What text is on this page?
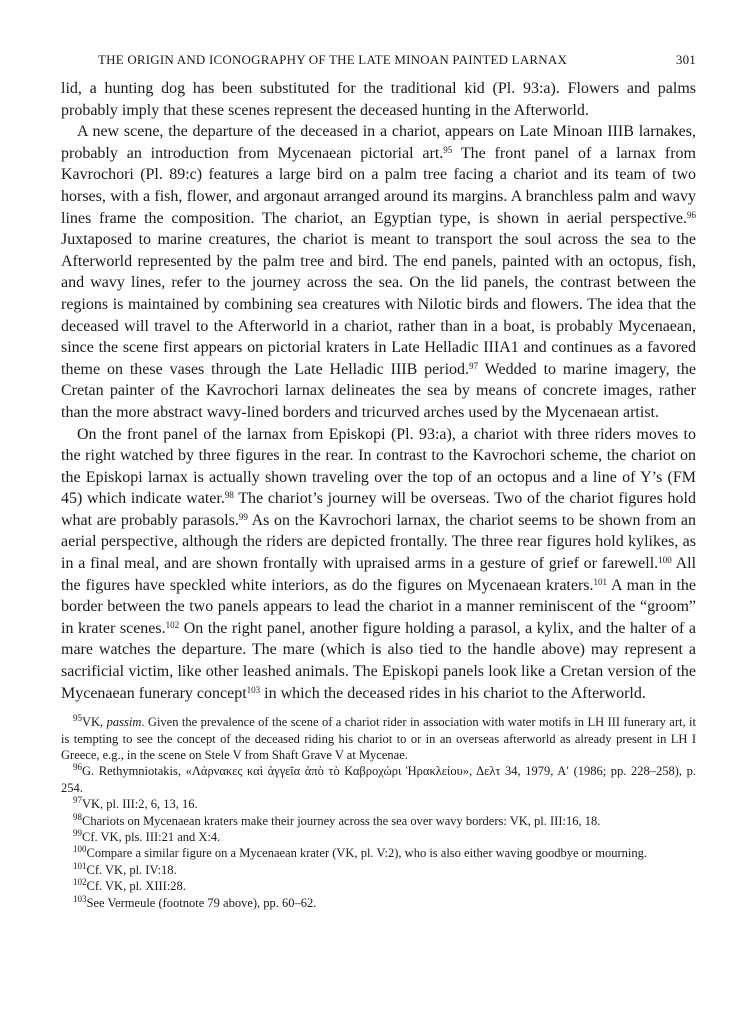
THE ORIGIN AND ICONOGRAPHY OF THE LATE MINOAN PAINTED LARNAX	301

lid, a hunting dog has been substituted for the traditional kid (Pl. 93:a). Flowers and palms probably imply that these scenes represent the deceased hunting in the Afterworld.

A new scene, the departure of the deceased in a chariot, appears on Late Minoan IIIB larnakes, probably an introduction from Mycenaean pictorial art.$^{95}$ The front panel of a larnax from Kavrochori (Pl. 89:c) features a large bird on a palm tree facing a chariot and its team of two horses, with a fish, flower, and argonaut arranged around its margins. A branchless palm and wavy lines frame the composition. The chariot, an Egyptian type, is shown in aerial perspective.$^{96}$ Juxtaposed to marine creatures, the chariot is meant to transport the soul across the sea to the Afterworld represented by the palm tree and bird. The end panels, painted with an octopus, fish, and wavy lines, refer to the journey across the sea. On the lid panels, the contrast between the regions is maintained by combining sea creatures with Nilotic birds and flowers. The idea that the deceased will travel to the Afterworld in a chariot, rather than in a boat, is probably Mycenaean, since the scene first appears on pictorial kraters in Late Helladic IIIA1 and continues as a favored theme on these vases through the Late Helladic IIIB period.$^{97}$ Wedded to marine imagery, the Cretan painter of the Kavrochori larnax delineates the sea by means of concrete images, rather than the more abstract wavy-lined borders and tricurved arches used by the Mycenaean artist.

On the front panel of the larnax from Episkopi (Pl. 93:a), a chariot with three riders moves to the right watched by three figures in the rear. In contrast to the Kavrochori scheme, the chariot on the Episkopi larnax is actually shown traveling over the top of an octopus and a line of Y’s (FM 45) which indicate water.$^{98}$ The chariot’s journey will be overseas. Two of the chariot figures hold what are probably parasols.$^{99}$ As on the Kavrochori larnax, the chariot seems to be shown from an aerial perspective, although the riders are depicted frontally. The three rear figures hold kylikes, as in a final meal, and are shown frontally with upraised arms in a gesture of grief or farewell.$^{100}$ All the figures have speckled white interiors, as do the figures on Mycenaean kraters.$^{101}$ A man in the border between the two panels appears to lead the chariot in a manner reminiscent of the “groom” in krater scenes.$^{102}$ On the right panel, another figure holding a parasol, a kylix, and the halter of a mare watches the departure. The mare (which is also tied to the handle above) may represent a sacrificial victim, like other leashed animals. The Episkopi panels look like a Cretan version of the Mycenaean funerary concept$^{103}$ in which the deceased rides in his chariot to the Afterworld.

$^{95}$VK, passim. Given the prevalence of the scene of a chariot rider in association with water motifs in LH III funerary art, it is tempting to see the concept of the deceased riding his chariot to or in an overseas afterworld as already present in LH I Greece, e.g., in the scene on Stele V from Shaft Grave V at Mycenae.

$^{96}$G. Rethymniotakis, «Λάρνακες καὶ ἀγγεῖα ἀπὸ τὸ Καβροχώρι Ἡρακλείου», Δελτ 34, 1979, Α′ (1986; pp. 228–258), p. 254.

$^{97}$VK, pl. III:2, 6, 13, 16.

$^{98}$Chariots on Mycenaean kraters make their journey across the sea over wavy borders: VK, pl. III:16, 18.

$^{99}$Cf. VK, pls. III:21 and X:4.

$^{100}$Compare a similar figure on a Mycenaean krater (VK, pl. V:2), who is also either waving goodbye or mourning.

$^{101}$Cf. VK, pl. IV:18.

$^{102}$Cf. VK, pl. XIII:28.

$^{103}$See Vermeule (footnote 79 above), pp. 60–62.
